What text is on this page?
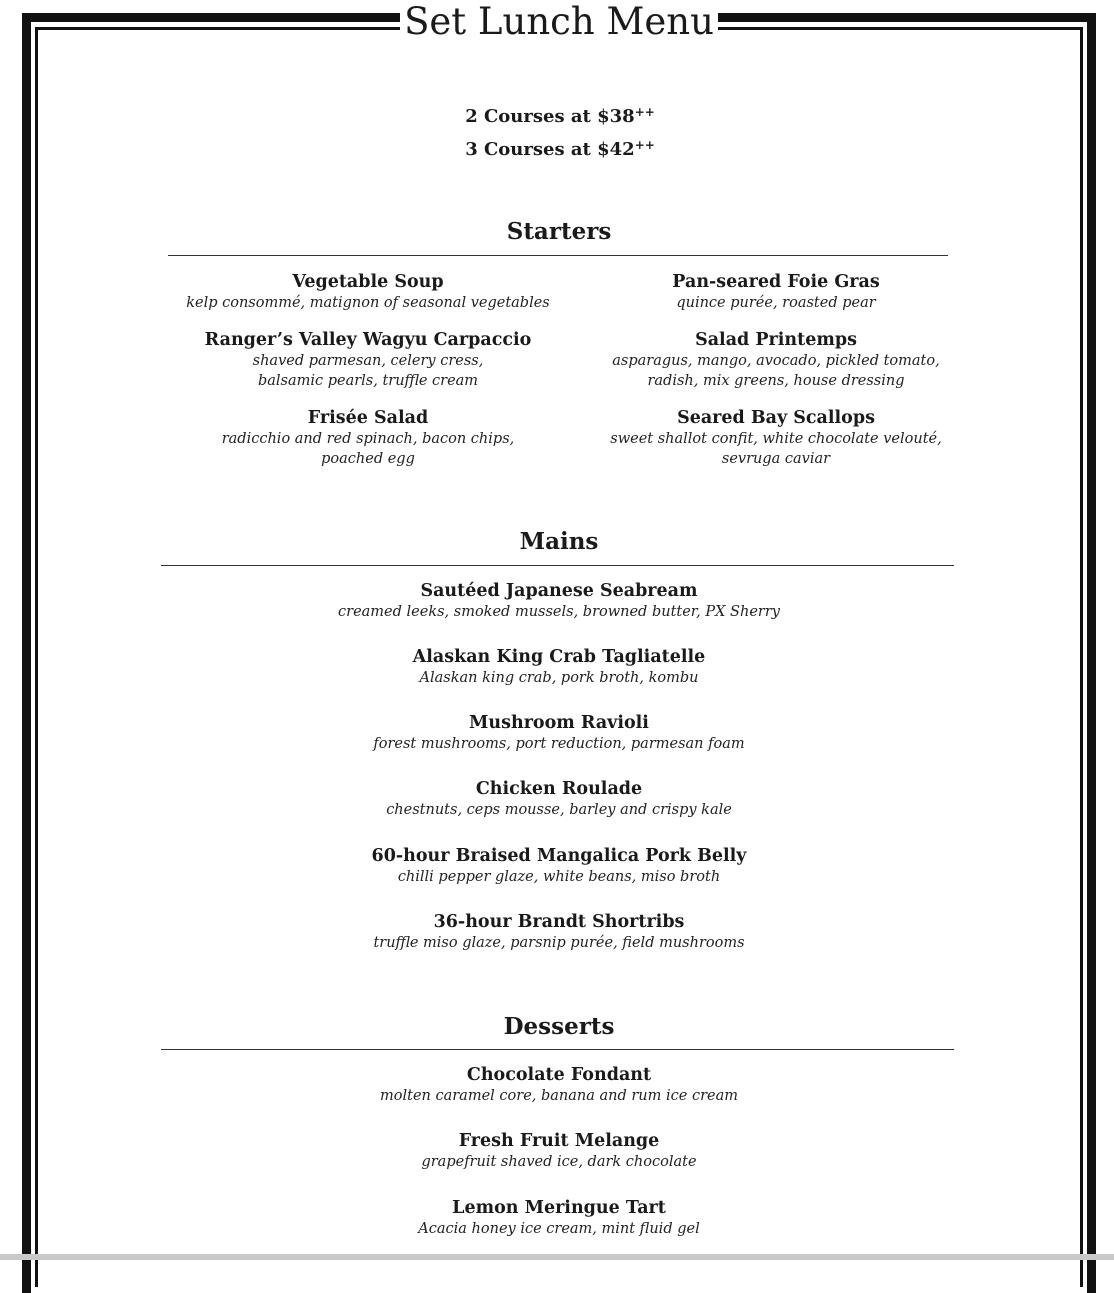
Set Lunch Menu
2 Courses at $38++
3 Courses at $42++
Starters
Vegetable Soup
kelp consommé, matignon of seasonal vegetables
Ranger’s Valley Wagyu Carpaccio
shaved parmesan, celery cress,
balsamic pearls, truffle cream
Frisée Salad
radicchio and red spinach, bacon chips,
poached egg
Pan-seared Foie Gras
quince purée, roasted pear
Salad Printemps
asparagus, mango, avocado, pickled tomato,
radish, mix greens, house dressing
Seared Bay Scallops
sweet shallot confit, white chocolate velouté,
sevruga caviar
Mains
Sautéed Japanese Seabream
creamed leeks, smoked mussels, browned butter, PX Sherry
Alaskan King Crab Tagliatelle
Alaskan king crab, pork broth, kombu
Mushroom Ravioli
forest mushrooms, port reduction, parmesan foam
Chicken Roulade
chestnuts, ceps mousse, barley and crispy kale
60-hour Braised Mangalica Pork Belly
chilli pepper glaze, white beans, miso broth
36-hour Brandt Shortribs
truffle miso glaze, parsnip purée, field mushrooms
Desserts
Chocolate Fondant
molten caramel core, banana and rum ice cream
Fresh Fruit Melange
grapefruit shaved ice, dark chocolate
Lemon Meringue Tart
Acacia honey ice cream, mint fluid gel
